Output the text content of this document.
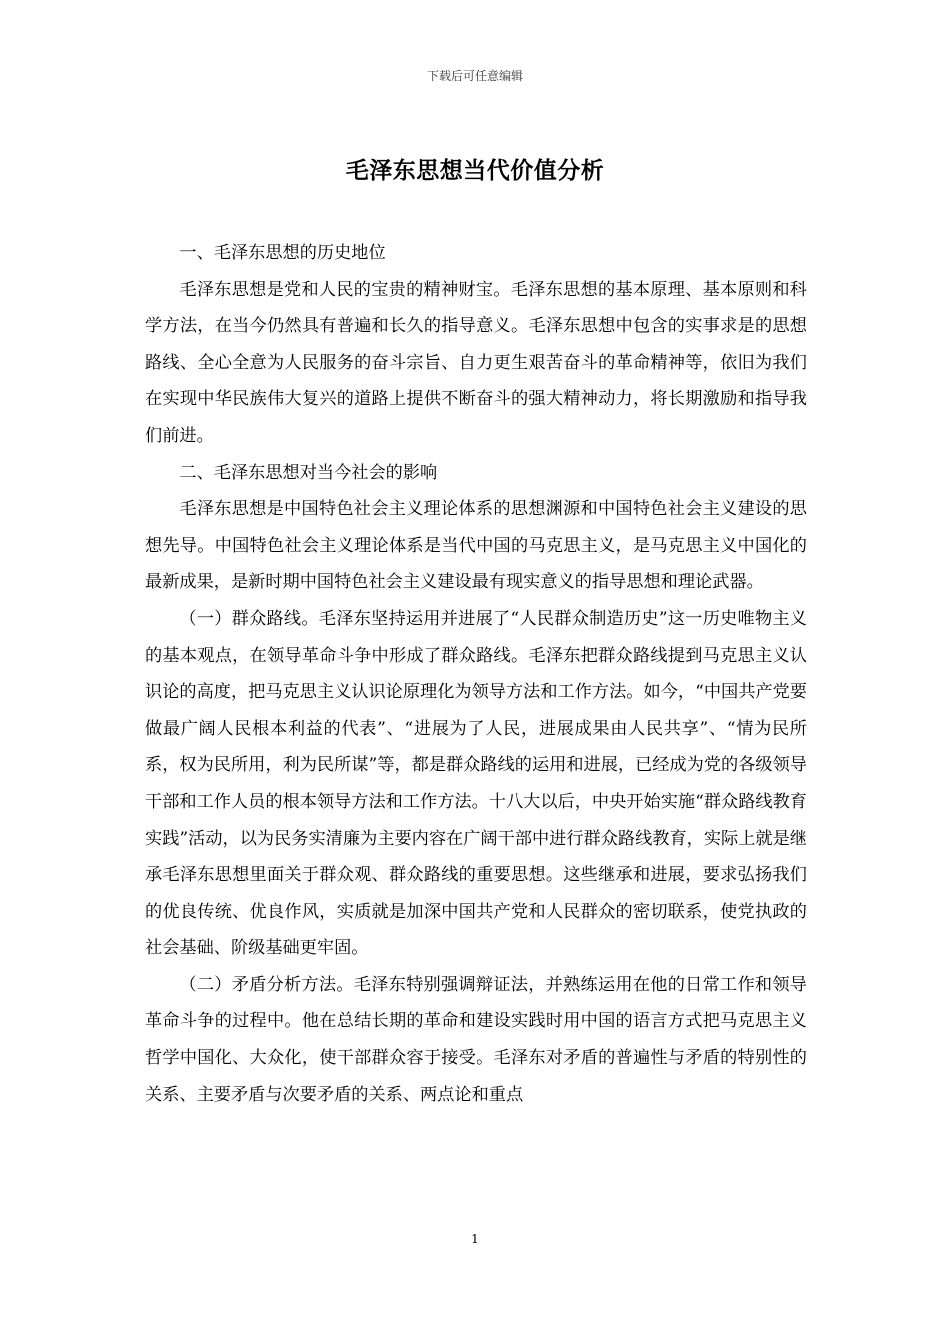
下载后可任意编辑
毛泽东思想当代价值分析

一、毛泽东思想的历史地位

毛泽东思想是党和人民的宝贵的精神财宝。毛泽东思想的基本原理、基本原则和科学方法，在当今仍然具有普遍和长久的指导意义。毛泽东思想中包含的实事求是的思想路线、全心全意为人民服务的奋斗宗旨、自力更生艰苦奋斗的革命精神等，依旧为我们在实现中华民族伟大复兴的道路上提供不断奋斗的强大精神动力，将长期激励和指导我们前进。

二、毛泽东思想对当今社会的影响

毛泽东思想是中国特色社会主义理论体系的思想渊源和中国特色社会主义建设的思想先导。中国特色社会主义理论体系是当代中国的马克思主义，是马克思主义中国化的最新成果，是新时期中国特色社会主义建设最有现实意义的指导思想和理论武器。

（一）群众路线。毛泽东坚持运用并进展了“人民群众制造历史”这一历史唯物主义的基本观点，在领导革命斗争中形成了群众路线。毛泽东把群众路线提到马克思主义认识论的高度，把马克思主义认识论原理化为领导方法和工作方法。如今，“中国共产党要做最广阔人民根本利益的代表”、“进展为了人民，进展成果由人民共享”、“情为民所系，权为民所用，利为民所谋”等，都是群众路线的运用和进展，已经成为党的各级领导干部和工作人员的根本领导方法和工作方法。十八大以后，中央开始实施“群众路线教育实践”活动，以为民务实清廉为主要内容在广阔干部中进行群众路线教育，实际上就是继承毛泽东思想里面关于群众观、群众路线的重要思想。这些继承和进展，要求弘扬我们的优良传统、优良作风，实质就是加深中国共产党和人民群众的密切联系，使党执政的社会基础、阶级基础更牢固。

（二）矛盾分析方法。毛泽东特别强调辩证法，并熟练运用在他的日常工作和领导革命斗争的过程中。他在总结长期的革命和建设实践时用中国的语言方式把马克思主义哲学中国化、大众化，使干部群众容于接受。毛泽东对矛盾的普遍性与矛盾的特别性的关系、主要矛盾与次要矛盾的关系、两点论和重点

1
